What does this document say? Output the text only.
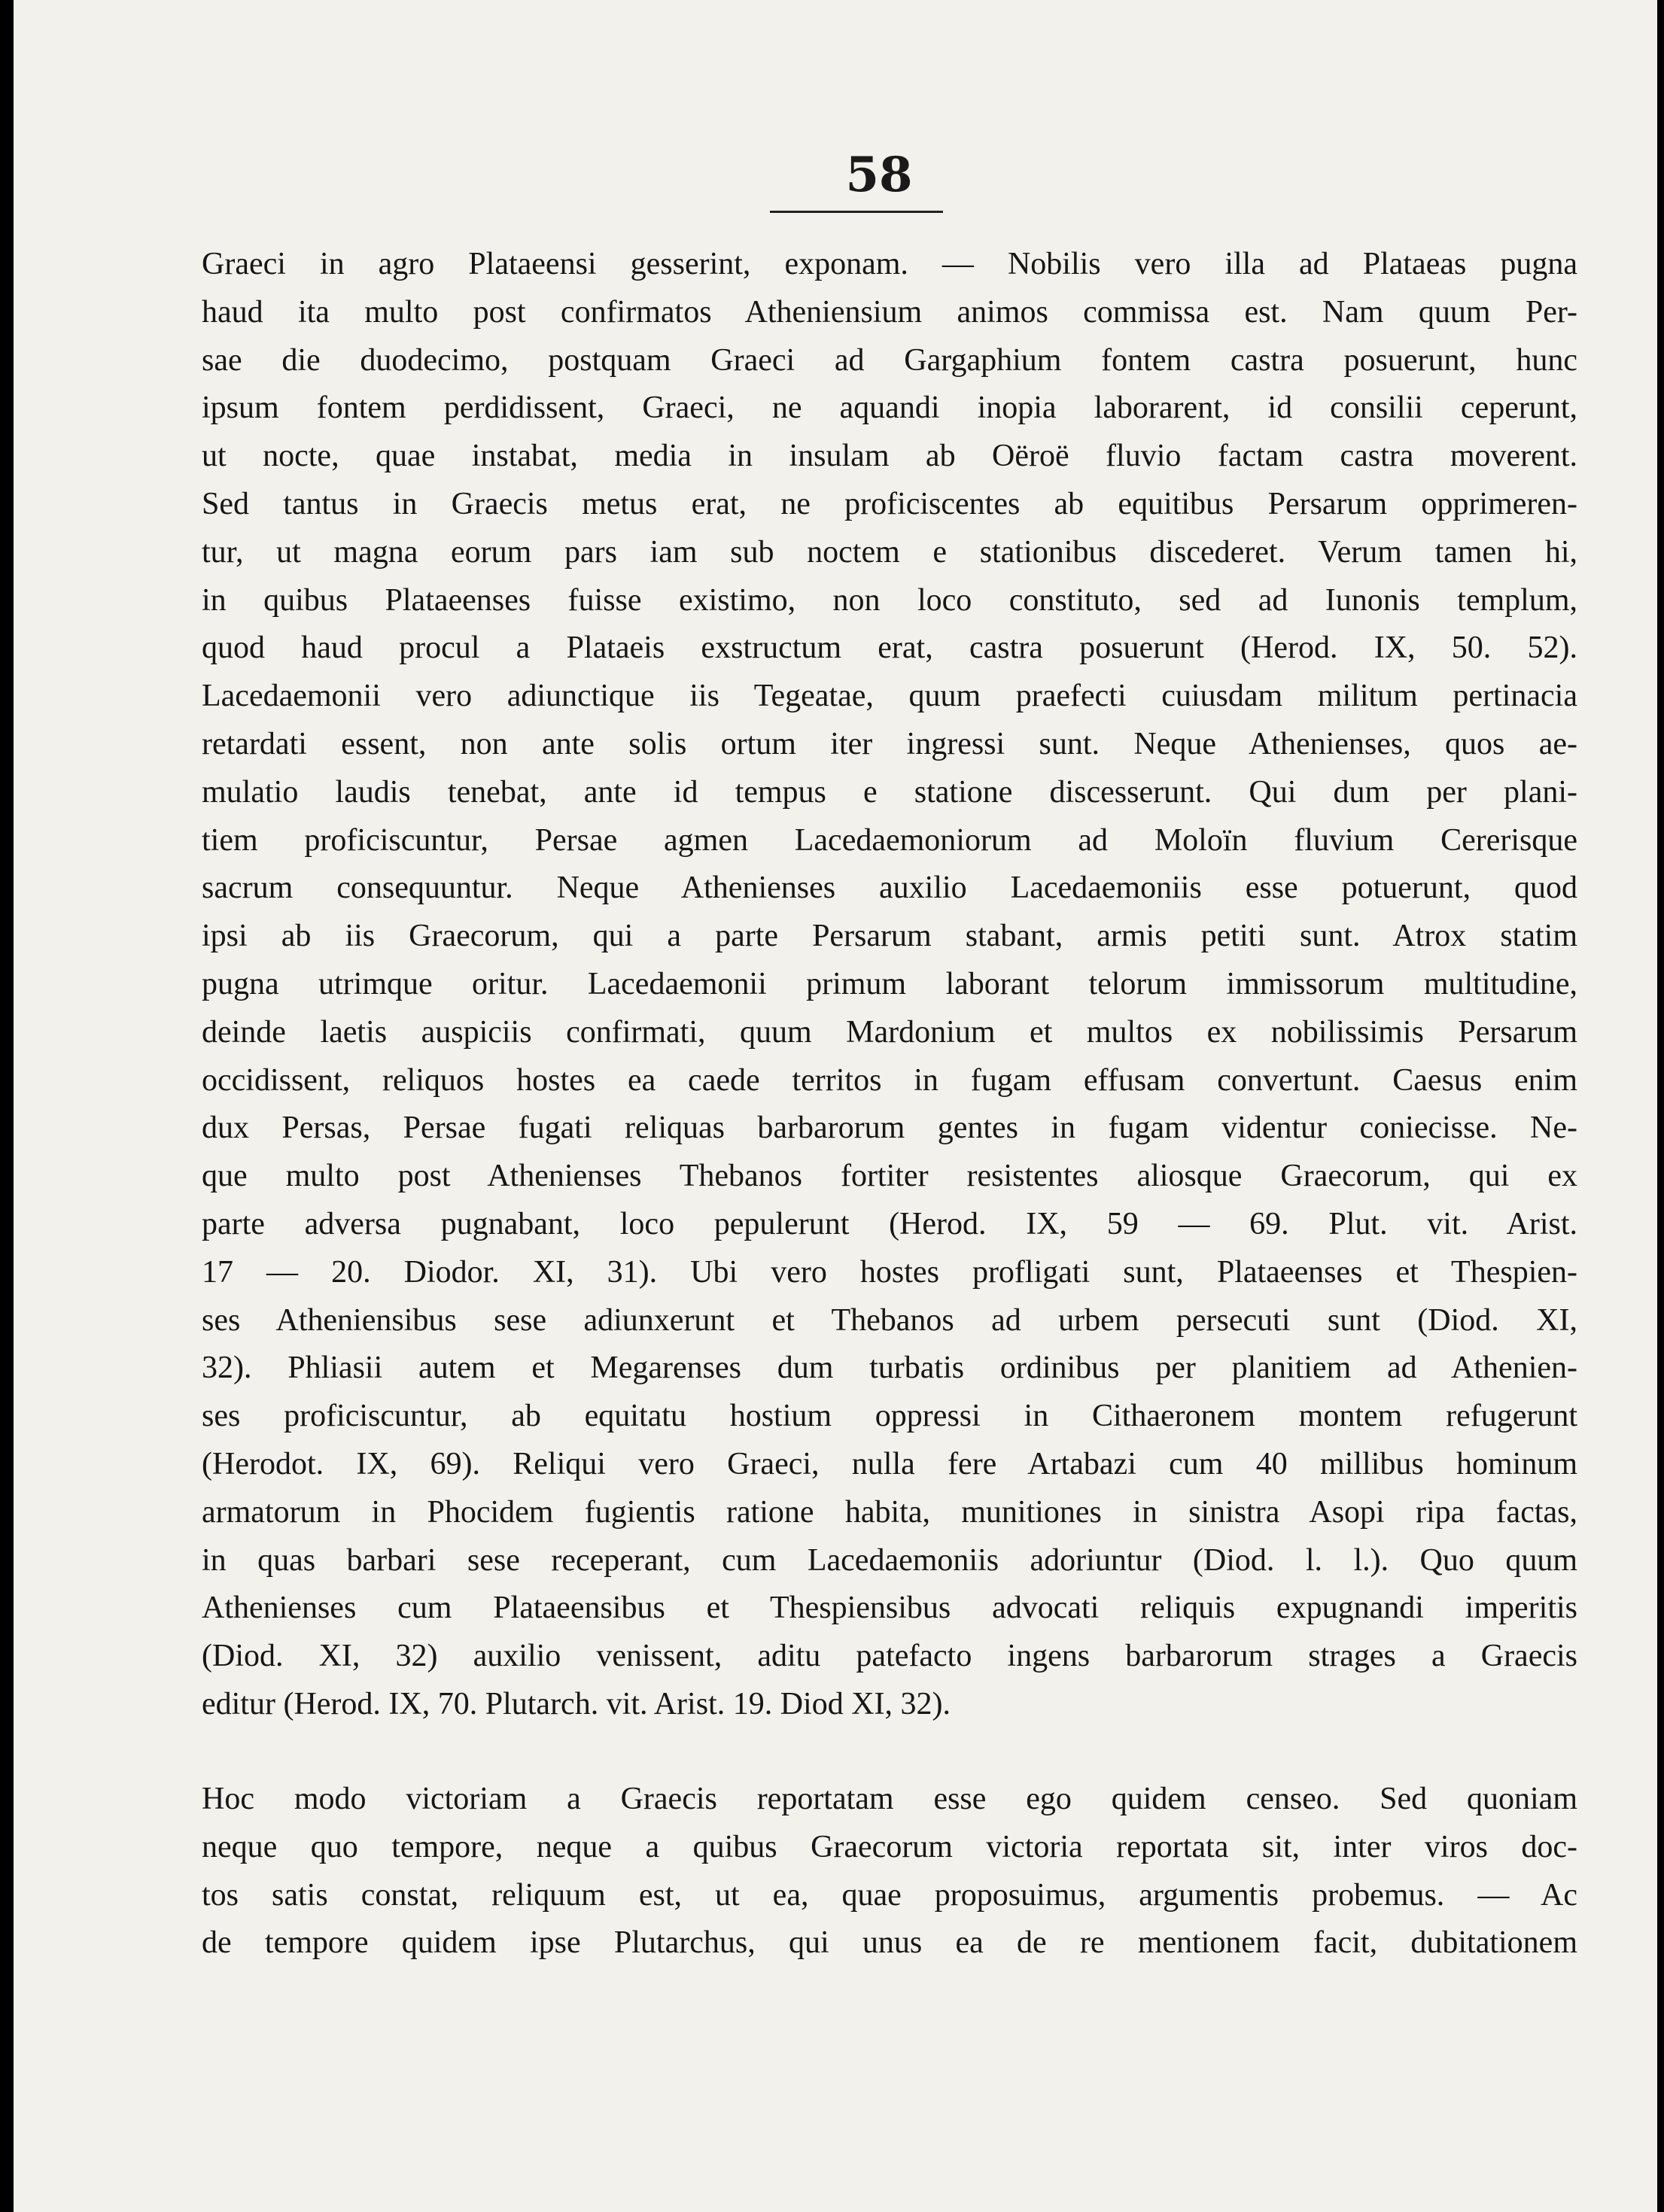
58
Graeci in agro Plataeensi gesserint, exponam. — Nobilis vero illa ad Plataeas pugna
haud ita multo post confirmatos Atheniensium animos commissa est. Nam quum Per-
sae die duodecimo, postquam Graeci ad Gargaphium fontem castra posuerunt, hunc
ipsum fontem perdidissent, Graeci, ne aquandi inopia laborarent, id consilii ceperunt,
ut nocte, quae instabat, media in insulam ab Oëroë fluvio factam castra moverent.
Sed tantus in Graecis metus erat, ne proficiscentes ab equitibus Persarum opprimeren-
tur, ut magna eorum pars iam sub noctem e stationibus discederet. Verum tamen hi,
in quibus Plataeenses fuisse existimo, non loco constituto, sed ad Iunonis templum,
quod haud procul a Plataeis exstructum erat, castra posuerunt (Herod. IX, 50. 52).
Lacedaemonii vero adiunctique iis Tegeatae, quum praefecti cuiusdam militum pertinacia
retardati essent, non ante solis ortum iter ingressi sunt. Neque Athenienses, quos ae-
mulatio laudis tenebat, ante id tempus e statione discesserunt. Qui dum per plani-
tiem proficiscuntur, Persae agmen Lacedaemoniorum ad Moloïn fluvium Cererisque
sacrum consequuntur. Neque Athenienses auxilio Lacedaemoniis esse potuerunt, quod
ipsi ab iis Graecorum, qui a parte Persarum stabant, armis petiti sunt. Atrox statim
pugna utrimque oritur. Lacedaemonii primum laborant telorum immissorum multitudine,
deinde laetis auspiciis confirmati, quum Mardonium et multos ex nobilissimis Persarum
occidissent, reliquos hostes ea caede territos in fugam effusam convertunt. Caesus enim
dux Persas, Persae fugati reliquas barbarorum gentes in fugam videntur coniecisse. Ne-
que multo post Athenienses Thebanos fortiter resistentes aliosque Graecorum, qui ex
parte adversa pugnabant, loco pepulerunt (Herod. IX, 59 — 69. Plut. vit. Arist.
17 — 20. Diodor. XI, 31). Ubi vero hostes profligati sunt, Plataeenses et Thespien-
ses Atheniensibus sese adiunxerunt et Thebanos ad urbem persecuti sunt (Diod. XI,
32). Phliasii autem et Megarenses dum turbatis ordinibus per planitiem ad Athenien-
ses proficiscuntur, ab equitatu hostium oppressi in Cithaeronem montem refugerunt
(Herodot. IX, 69). Reliqui vero Graeci, nulla fere Artabazi cum 40 millibus hominum
armatorum in Phocidem fugientis ratione habita, munitiones in sinistra Asopi ripa factas,
in quas barbari sese receperant, cum Lacedaemoniis adoriuntur (Diod. l. l.). Quo quum
Athenienses cum Plataeensibus et Thespiensibus advocati reliquis expugnandi imperitis
(Diod. XI, 32) auxilio venissent, aditu patefacto ingens barbarorum strages a Graecis
editur (Herod. IX, 70. Plutarch. vit. Arist. 19. Diod XI, 32).
Hoc modo victoriam a Graecis reportatam esse ego quidem censeo. Sed quoniam
neque quo tempore, neque a quibus Graecorum victoria reportata sit, inter viros doc-
tos satis constat, reliquum est, ut ea, quae proposuimus, argumentis probemus. — Ac
de tempore quidem ipse Plutarchus, qui unus ea de re mentionem facit, dubitationem
